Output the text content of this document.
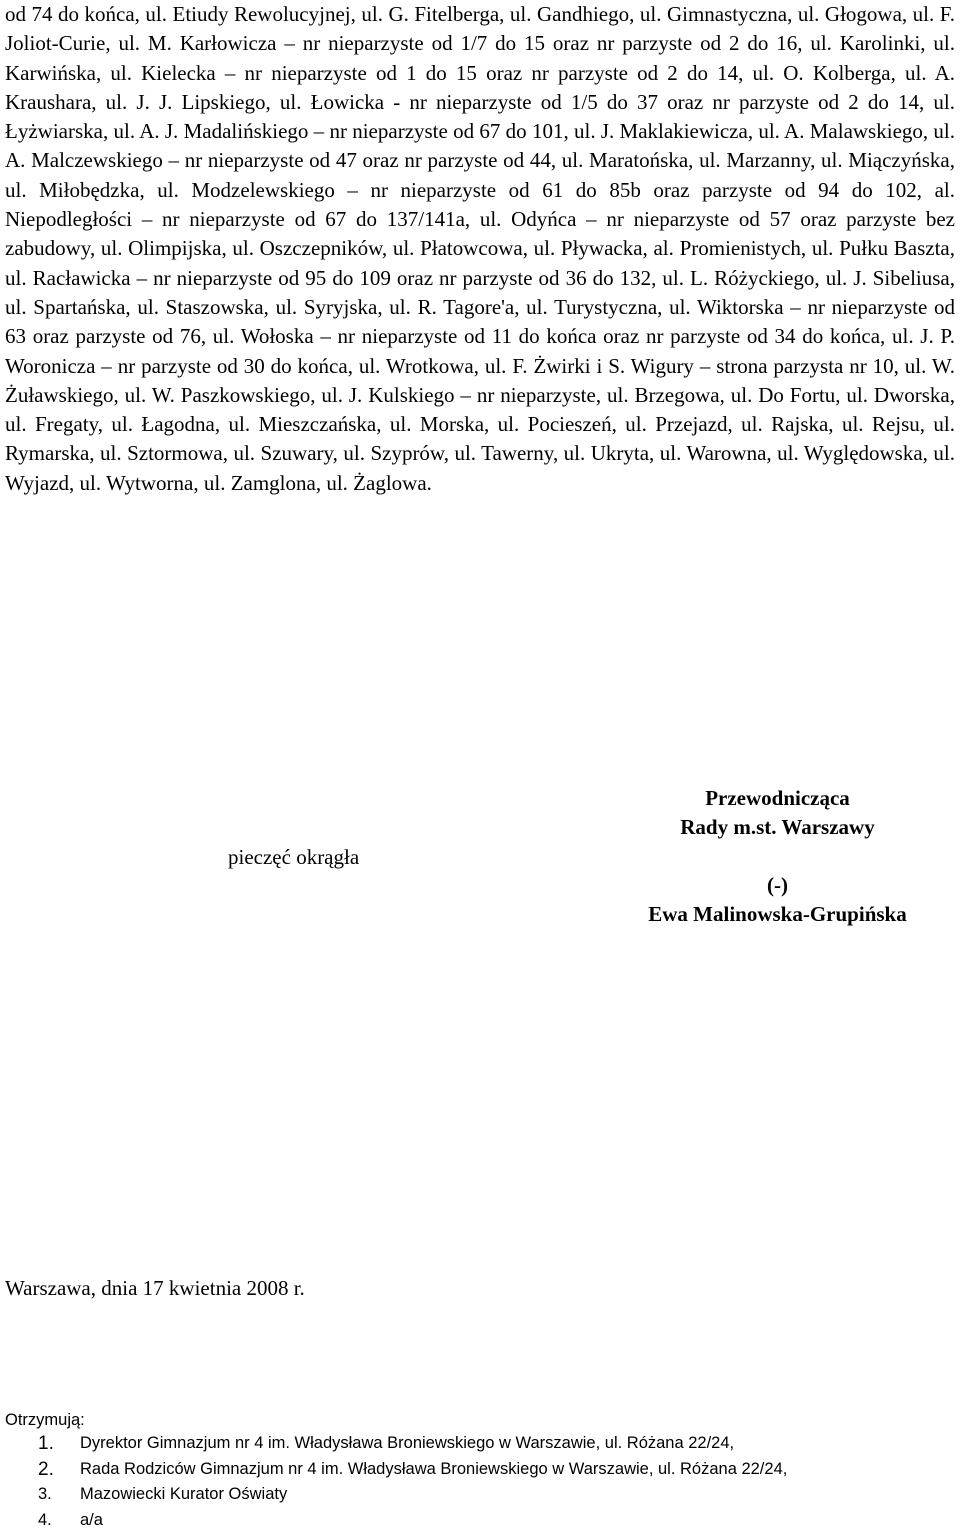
od 74 do końca, ul. Etiudy Rewolucyjnej, ul. G. Fitelberga, ul. Gandhiego, ul. Gimnastyczna, ul. Głogowa, ul. F. Joliot-Curie, ul. M. Karłowicza – nr nieparzyste od 1/7 do 15 oraz nr parzyste od 2 do 16, ul. Karolinki, ul. Karwińska, ul. Kielecka – nr nieparzyste od 1 do 15 oraz nr parzyste od 2 do 14, ul. O. Kolberga, ul. A. Kraushara, ul. J. J. Lipskiego, ul. Łowicka - nr nieparzyste od 1/5 do 37 oraz nr parzyste od 2 do 14, ul. Łyżwiarska, ul. A. J. Madalińskiego – nr nieparzyste od 67 do 101, ul. J. Maklakiewicza, ul. A. Malawskiego, ul. A. Malczewskiego – nr nieparzyste od 47 oraz nr parzyste od 44, ul. Maratońska, ul. Marzanny, ul. Miączyńska, ul. Miłobędzka, ul. Modzelewskiego – nr nieparzyste od 61 do 85b oraz parzyste od 94 do 102, al. Niepodległości – nr nieparzyste od 67 do 137/141a, ul. Odyńca – nr nieparzyste od 57 oraz parzyste bez zabudowy, ul. Olimpijska, ul. Oszczepników, ul. Płatowcowa, ul. Pływacka, al. Promienistych, ul. Pułku Baszta, ul. Racławicka – nr nieparzyste od 95 do 109 oraz nr parzyste od 36 do 132, ul. L. Różyckiego, ul. J. Sibeliusa, ul. Spartańska, ul. Staszowska, ul. Syryjska, ul. R. Tagore'a, ul. Turystyczna, ul. Wiktorska – nr nieparzyste od 63 oraz parzyste od 76, ul. Wołoska – nr nieparzyste od 11 do końca oraz nr parzyste od 34 do końca, ul. J. P. Woronicza – nr parzyste od 30 do końca, ul. Wrotkowa, ul. F. Żwirki i S. Wigury – strona parzysta nr 10, ul. W. Żuławskiego, ul. W. Paszkowskiego, ul. J. Kulskiego – nr nieparzyste, ul. Brzegowa, ul. Do Fortu, ul. Dworska, ul. Fregaty, ul. Łagodna, ul. Mieszczańska, ul. Morska, ul. Pocieszeń, ul. Przejazd, ul. Rajska, ul. Rejsu, ul. Rymarska, ul. Sztormowa, ul. Szuwary, ul. Szyprów, ul. Tawerny, ul. Ukryta, ul. Warowna, ul. Wyględowska, ul. Wyjazd, ul. Wytworna, ul. Zamglona, ul. Żaglowa.

pieczęć okrągła

Przewodnicząca
Rady m.st. Warszawy
(-)
Ewa Malinowska-Grupińska
Warszawa, dnia 17 kwietnia 2008 r.
Otrzymują:
1. Dyrektor Gimnazjum nr 4 im. Władysława Broniewskiego w Warszawie, ul. Różana 22/24,
2. Rada Rodziców Gimnazjum nr 4 im. Władysława Broniewskiego w Warszawie, ul. Różana 22/24,
3. Mazowiecki Kurator Oświaty
4. a/a
